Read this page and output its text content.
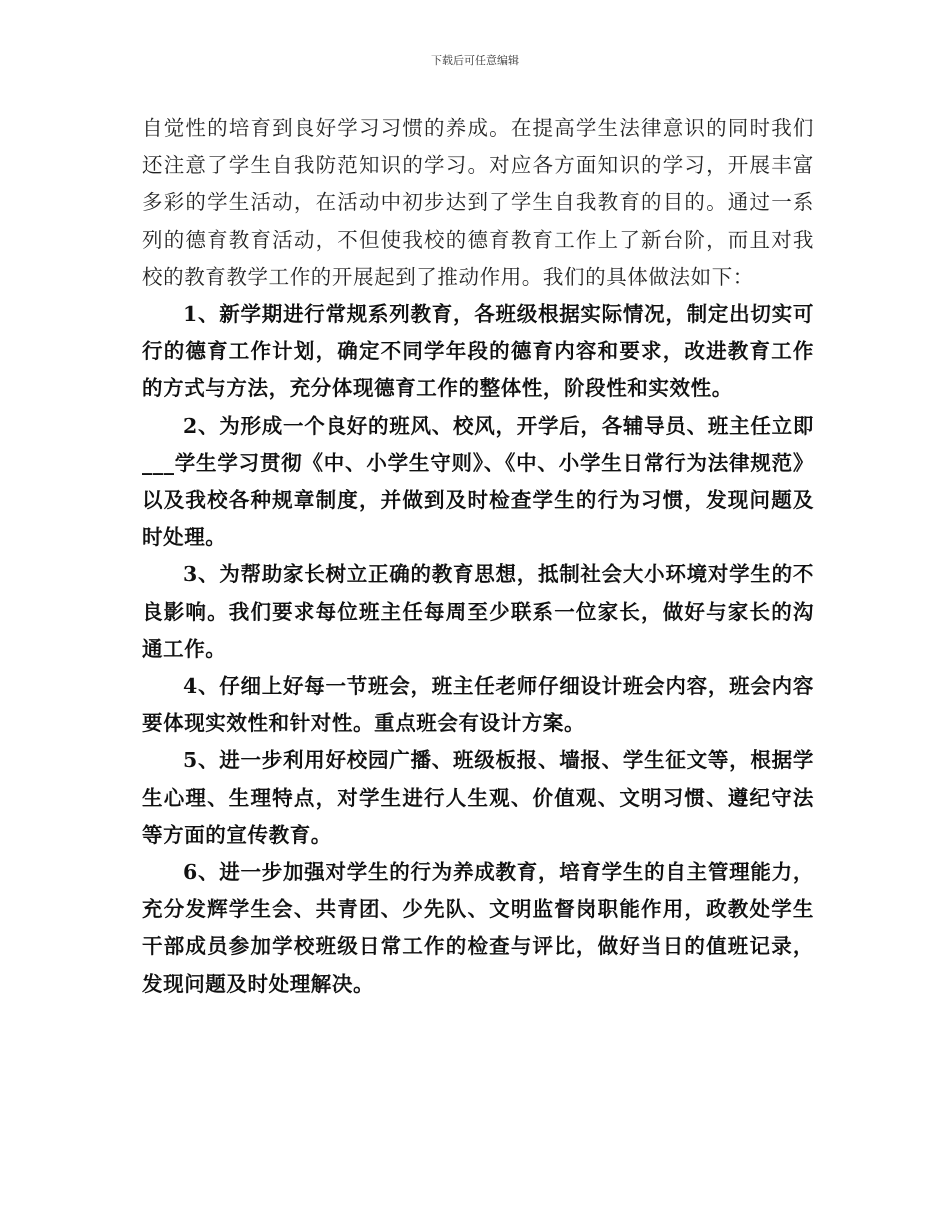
下载后可任意编辑

自觉性的培育到良好学习习惯的养成。在提高学生法律意识的同时我们还注意了学生自我防范知识的学习。对应各方面知识的学习，开展丰富多彩的学生活动，在活动中初步达到了学生自我教育的目的。通过一系列的德育教育活动，不但使我校的德育教育工作上了新台阶，而且对我校的教育教学工作的开展起到了推动作用。我们的具体做法如下：

1、新学期进行常规系列教育，各班级根据实际情况，制定出切实可行的德育工作计划，确定不同学年段的德育内容和要求，改进教育工作的方式与方法，充分体现德育工作的整体性，阶段性和实效性。

2、为形成一个良好的班风、校风，开学后，各辅导员、班主任立即___学生学习贯彻《中、小学生守则》、《中、小学生日常行为法律规范》以及我校各种规章制度，并做到及时检查学生的行为习惯，发现问题及时处理。

3、为帮助家长树立正确的教育思想，抵制社会大小环境对学生的不良影响。我们要求每位班主任每周至少联系一位家长，做好与家长的沟通工作。

4、仔细上好每一节班会，班主任老师仔细设计班会内容，班会内容要体现实效性和针对性。重点班会有设计方案。

5、进一步利用好校园广播、班级板报、墙报、学生征文等，根据学生心理、生理特点，对学生进行人生观、价值观、文明习惯、遵纪守法等方面的宣传教育。

6、进一步加强对学生的行为养成教育，培育学生的自主管理能力，充分发辉学生会、共青团、少先队、文明监督岗职能作用，政教处学生干部成员参加学校班级日常工作的检查与评比，做好当日的值班记录，发现问题及时处理解决。
